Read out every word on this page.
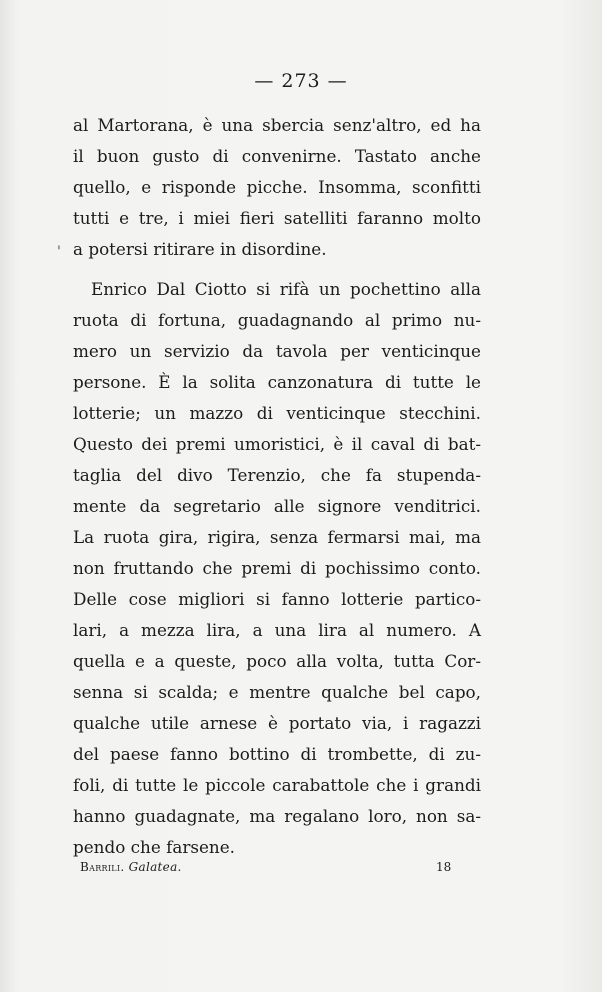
— 273 —
'
al Martorana, è una sbercia senz'altro, ed ha
il buon gusto di convenirne. Tastato anche
quello, e risponde picche. Insomma, sconfitti
tutti e tre, i miei fieri satelliti faranno molto
a potersi ritirare in disordine.
Enrico Dal Ciotto si rifà un pochettino alla
ruota di fortuna, guadagnando al primo nu-
mero un servizio da tavola per venticinque
persone. È la solita canzonatura di tutte le
lotterie; un mazzo di venticinque stecchini.
Questo dei premi umoristici, è il caval di bat-
taglia del divo Terenzio, che fa stupenda-
mente da segretario alle signore venditrici.
La ruota gira, rigira, senza fermarsi mai, ma
non fruttando che premi di pochissimo conto.
Delle cose migliori si fanno lotterie partico-
lari, a mezza lira, a una lira al numero. A
quella e a queste, poco alla volta, tutta Cor-
senna si scalda; e mentre qualche bel capo,
qualche utile arnese è portato via, i ragazzi
del paese fanno bottino di trombette, di zu-
foli, di tutte le piccole carabattole che i grandi
hanno guadagnate, ma regalano loro, non sa-
pendo che farsene.
Barrili. Galatea.	18
